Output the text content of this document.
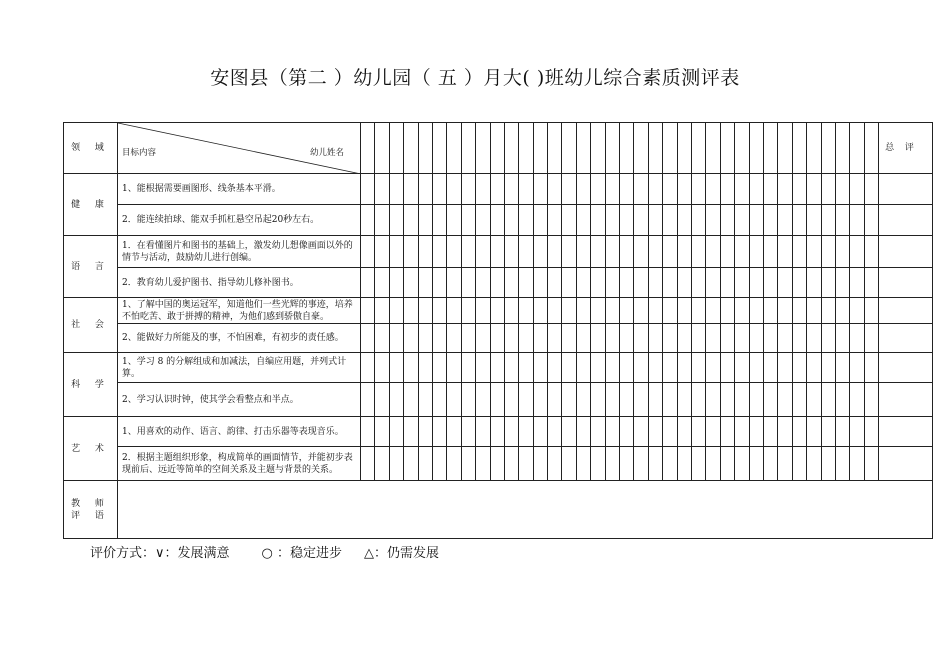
安图县（第二 ）幼儿园（ 五 ）月大( )班幼儿综合素质测评表
领 域	目标内容 幼儿姓名																																					总 评
健 康	1、能根据需要画图形、线条基本平滑。																																					
	2．能连续拍球、能双手抓杠悬空吊起20秒左右。																																					
语 言	1．在看懂图片和图书的基础上，激发幼儿想像画面以外的情节与活动，鼓励幼儿进行创编。																																					
	2．教育幼儿爱护图书、指导幼儿修补图书。																																					
社 会	1、了解中国的奥运冠军，知道他们一些光辉的事迹，培养不怕吃苦、敢于拼搏的精神，为他们感到骄傲自豪。																																					
	2、能做好力所能及的事，不怕困难，有初步的责任感。																																					
科 学	1、学习 8 的分解组成和加减法，自编应用题，并列式计算。																																					
	2、学习认识时钟，使其学会看整点和半点。																																					
艺 术	1、用喜欢的动作、语言、韵律、打击乐器等表现音乐。																																					
	2．根据主题组织形象，构成简单的画面情节，并能初步表现前后、远近等简单的空间关系及主题与背景的关系。																																					

教 师
评 语																																						

评价方式：∨：发展满意 ○ ：稳定进步 △：仍需发展
